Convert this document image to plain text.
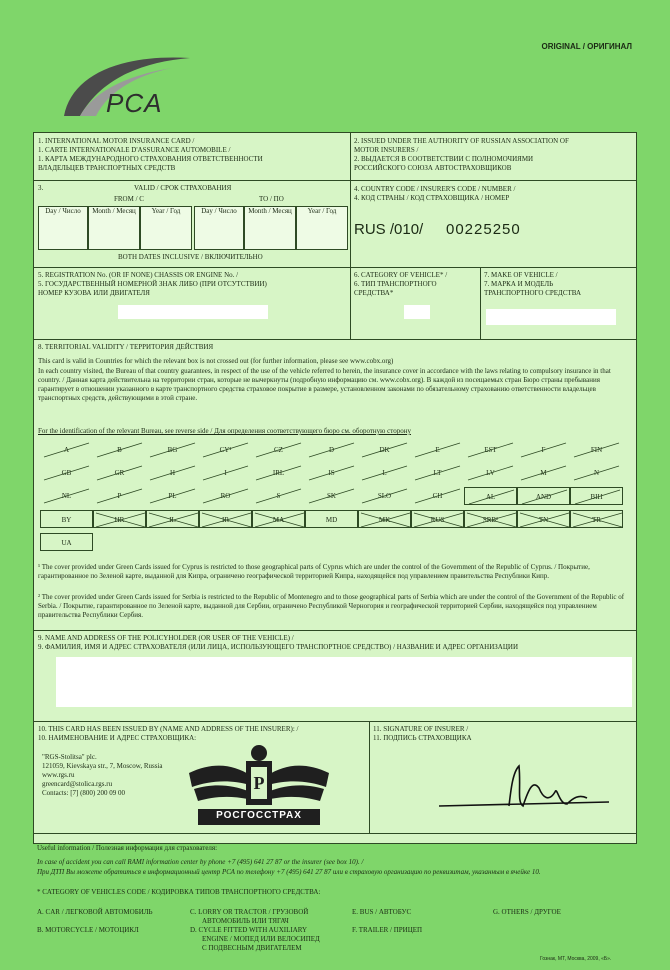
ORIGINAL / ОРИГИНАЛ
PCA
1. INTERNATIONAL MOTOR INSURANCE CARD /
1. CARTE INTERNATIONALE D'ASSURANCE AUTOMOBILE /
1. КАРТА МЕЖДУНАРОДНОГО СТРАХОВАНИЯ ОТВЕТСТВЕННОСТИ
ВЛАДЕЛЬЦЕВ ТРАНСПОРТНЫХ СРЕДСТВ
2. ISSUED UNDER THE AUTHORITY OF RUSSIAN ASSOCIATION OF
MOTOR INSURERS /
2. ВЫДАЕТСЯ В СООТВЕТСТВИИ С ПОЛНОМОЧИЯМИ
РОССИЙСКОГО СОЮЗА АВТОСТРАХОВЩИКОВ
3.	VALID / СРОК СТРАХОВАНИЯ
FROM / С	TO / ПО
Day / Число	Month / Месяц	Year / Год	Day / Число	Month / Месяц	Year / Год
BOTH DATES INCLUSIVE / ВКЛЮЧИТЕЛЬНО
4. COUNTRY CODE / INSURER'S CODE / NUMBER /
4. КОД СТРАНЫ / КОД СТРАХОВЩИКА / НОМЕР
RUS /010/ 00225250
5. REGISTRATION No. (OR IF NONE) CHASSIS OR ENGINE No. /
5. ГОСУДАРСТВЕННЫЙ НОМЕРНОЙ ЗНАК ЛИБО (ПРИ ОТСУТСТВИИ)
НОМЕР КУЗОВА ИЛИ ДВИГАТЕЛЯ
6. CATEGORY OF VEHICLE* /
6. ТИП ТРАНСПОРТНОГО
СРЕДСТВА*
7. MAKE OF VEHICLE /
7. МАРКА И МОДЕЛЬ
ТРАНСПОРТНОГО СРЕДСТВА
8. TERRITORIAL VALIDITY / ТЕРРИТОРИЯ ДЕЙСТВИЯ
This card is valid in Countries for which the relevant box is not crossed out (for further information, please see www.cobx.org)
In each country visited, the Bureau of that country guarantees, in respect of the use of the vehicle referred to herein, the insurance cover in accordance with the laws relating to compulsory insurance in that country. / Данная карта действительна на территории стран, которые не вычеркнуты (подробную информацию см. www.cobx.org). В каждой из посещаемых стран Бюро страны пребывания гарантирует в отношении указанного в карте транспортного средства страховое покрытие в размере, установленном законами по обязательному страхованию ответственности владельцев транспортных средств, действующими в этой стране.
For the identification of the relevant Bureau, see reverse side / Для определения соответствующего бюро см. оборотную сторону
A	B	BG	CY¹	CZ	D	DK	E	EST	F	FIN
GB	GR	H	I	IRL	IS	L	LT	LV	M	N
NL	P	PL	RO	S	SK	SLO	CH	AL	AND	BIH
BY	HR	IL	IR	MA	MD	MK	RUS	SRB²	TN	TR
UA
¹ The cover provided under Green Cards issued for Cyprus is restricted to those geographical parts of Cyprus which are under the control of the Government of the Republic of Cyprus. / Покрытие, гарантированное по Зеленой карте, выданной для Кипра, ограничено географической территорией Кипра, находящейся под управлением правительства Республики Кипр.
² The cover provided under Green Cards issued for Serbia is restricted to the Republic of Montenegro and to those geographical parts of Serbia which are under the control of the Government of the Republic of Serbia. / Покрытие, гарантированное по Зеленой карте, выданной для Сербии, ограничено Республикой Черногория и географической территорией Сербии, находящейся под управлением правительства Республики Сербия.
9. NAME AND ADDRESS OF THE POLICYHOLDER (OR USER OF THE VEHICLE) /
9. ФАМИЛИЯ, ИМЯ И АДРЕС СТРАХОВАТЕЛЯ (ИЛИ ЛИЦА, ИСПОЛЬЗУЮЩЕГО ТРАНСПОРТНОЕ СРЕДСТВО) / НАЗВАНИЕ И АДРЕС ОРГАНИЗАЦИИ
10. THIS CARD HAS BEEN ISSUED BY (NAME AND ADDRESS OF THE INSURER): /
10. НАИМЕНОВАНИЕ И АДРЕС СТРАХОВЩИКА:
"RGS-Stolitsa" plc.
121059, Kievskaya str., 7, Moscow, Russia
www.rgs.ru
greencard@stolica.rgs.ru
Contacts: [7] (800) 200 09 00	Р
РОСГОССТРАХ
11. SIGNATURE OF INSURER /
11. ПОДПИСЬ СТРАХОВЩИКА
Useful information / Полезная информация для страхователя:
In case of accident you can call RAMI information center by phone +7 (495) 641 27 87 or the insurer (see box 10). /
При ДТП Вы можете обратиться в информационный центр РСА по телефону +7 (495) 641 27 87 или в страховую организацию по реквизитам, указанным в ячейке 10.
* CATEGORY OF VEHICLES CODE / КОДИРОВКА ТИПОВ ТРАНСПОРТНОГО СРЕДСТВА:
A. CAR / ЛЕГКОВОЙ АВТОМОБИЛЬ
B. MOTORCYCLE / МОТОЦИКЛ
C. LORRY OR TRACTOR / ГРУЗОВОЙ
АВТОМОБИЛЬ ИЛИ ТЯГАЧ
D. CYCLE FITTED WITH AUXILIARY
ENGINE / МОПЕД ИЛИ ВЕЛОСИПЕД
С ПОДВЕСНЫМ ДВИГАТЕЛЕМ
E. BUS / АВТОБУС
F. TRAILER / ПРИЦЕП
G. OTHERS / ДРУГОЕ
Гознак, МТ, Москва, 2009, «Б».
